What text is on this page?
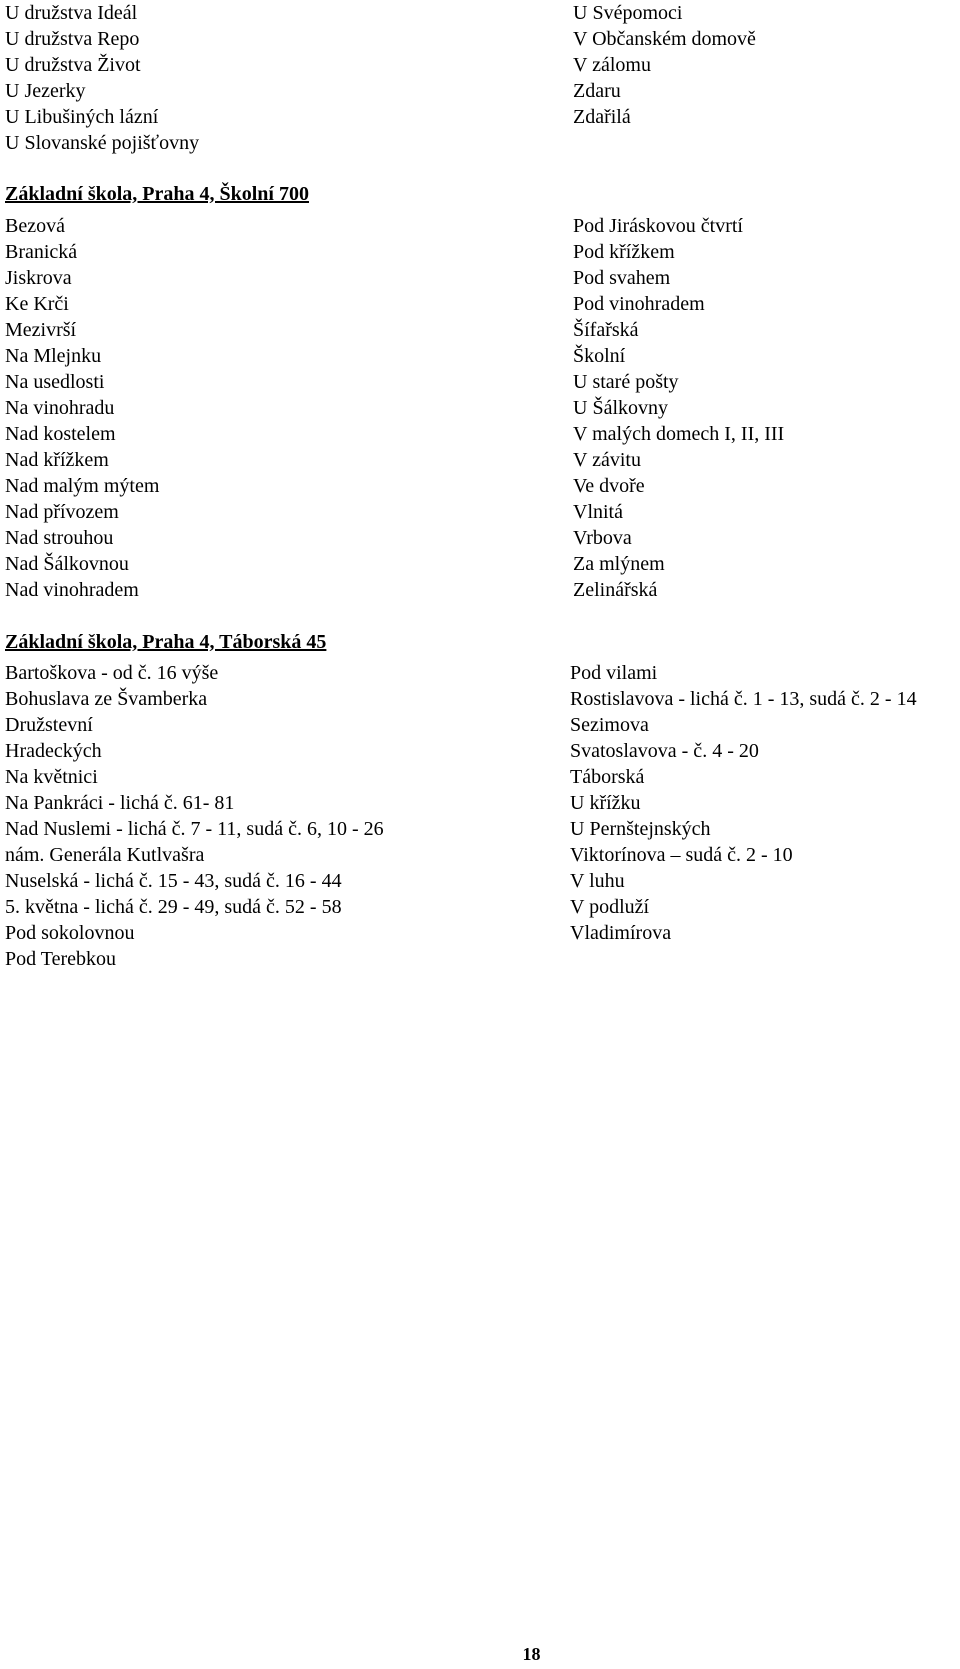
U družstva Ideál
U družstva Repo
U družstva Život
U Jezerky
U Libušiných lázní
U Slovanské pojišťovny
U Svépomoci
V Občanském domově
V zálomu
Zdaru
Zdařilá
Základní škola, Praha 4, Školní 700
Bezová
Branická
Jiskrova
Ke Krči
Mezivrší
Na Mlejnku
Na usedlosti
Na vinohradu
Nad kostelem
Nad křížkem
Nad malým mýtem
Nad přívozem
Nad strouhou
Nad Šálkovnou
Nad vinohradem
Pod Jiráskovou čtvrtí
Pod křížkem
Pod svahem
Pod vinohradem
Šífařská
Školní
U staré pošty
U Šálkovny
V malých domech I, II, III
V závitu
Ve dvoře
Vlnitá
Vrbova
Za mlýnem
Zelinářská
Základní škola, Praha 4, Táborská 45
Bartoškova - od č. 16 výše
Bohuslava ze Švamberka
Družstevní
Hradeckých
Na květnici
Na Pankráci - lichá č. 61- 81
Nad Nuslemi - lichá č. 7 - 11, sudá č. 6, 10 - 26
nám. Generála Kutlvašra
Nuselská - lichá č. 15 - 43, sudá č. 16 - 44
5. května - lichá č. 29 - 49, sudá č. 52 - 58
Pod sokolovnou
Pod Terebkou
Pod vilami
Rostislavova - lichá č. 1 - 13, sudá č. 2 - 14
Sezimova
Svatoslavova - č. 4 - 20
Táborská
U křížku
U Pernštejnských
Viktorínova – sudá č. 2 - 10
V luhu
V podluží
Vladimírova
18
